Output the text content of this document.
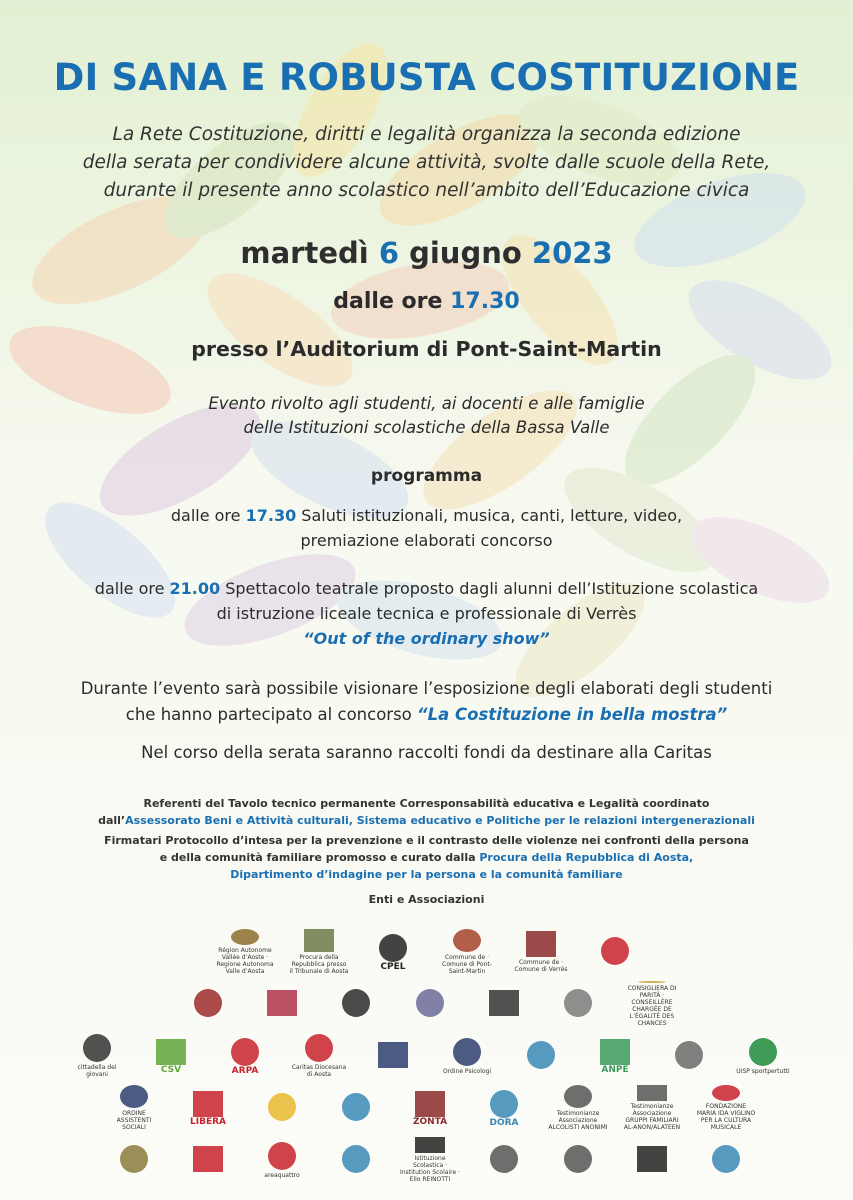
DI SANA E ROBUSTA COSTITUZIONE
La Rete Costituzione, diritti e legalità organizza la seconda edizione
della serata per condividere alcune attività, svolte dalle scuole della Rete,
durante il presente anno scolastico nell’ambito dell’Educazione civica
martedì 6 giugno 2023
dalle ore 17.30
presso l’Auditorium di Pont-Saint-Martin
Evento rivolto agli studenti, ai docenti e alle famiglie
delle Istituzioni scolastiche della Bassa Valle
programma
dalle ore 17.30 Saluti istituzionali, musica, canti, letture, video,
premiazione elaborati concorso
dalle ore 21.00 Spettacolo teatrale proposto dagli alunni dell’Istituzione scolastica
di istruzione liceale tecnica e professionale di Verrès
“Out of the ordinary show”
Durante l’evento sarà possibile visionare l’esposizione degli elaborati degli studenti
che hanno partecipato al concorso “La Costituzione in bella mostra”
Nel corso della serata saranno raccolti fondi da destinare alla Caritas
Referenti del Tavolo tecnico permanente Corresponsabilità educativa e Legalità coordinato
dall’Assessorato Beni e Attività culturali, Sistema educativo e Politiche per le relazioni intergenerazionali
Firmatari Protocollo d’intesa per la prevenzione e il contrasto delle violenze nei confronti della persona
e della comunità familiare promosso e curato dalla Procura della Repubblica di Aosta,
Dipartimento d’indagine per la persona e la comunità familiare
Enti e Associazioni
Région Autonome Vallée d’Aoste · Regione Autonoma Valle d’Aosta
Procura della Repubblica presso il Tribunale di Aosta	CPEL
Commune de · Comune di Pont-Saint-Martin
Commune de · Comune di Verrès
CONSIGLIERA DI PARITÀ · CONSEILLÈRE CHARGÉE DE L’ÉGALITÉ DES CHANCES
cittadella dei giovani	CSV	ARPA	Caritas Diocesana di Aosta	Ordine Psicologi	ANPE	UISP sportpertutti
ORDINE ASSISTENTI SOCIALI
LIBERA	ZONTA	DORA
Testimonianze Associazione ALCOLISTI ANONIMI
Testimonianze Associazione GRUPPI FAMILIARI AL-ANON/ALATEEN
FONDAZIONE MARIA IDA VIGLINO PER LA CULTURA MUSICALE
areaquattro
Istituzione Scolastica · Institution Scolaire · Elio REINOTTI
